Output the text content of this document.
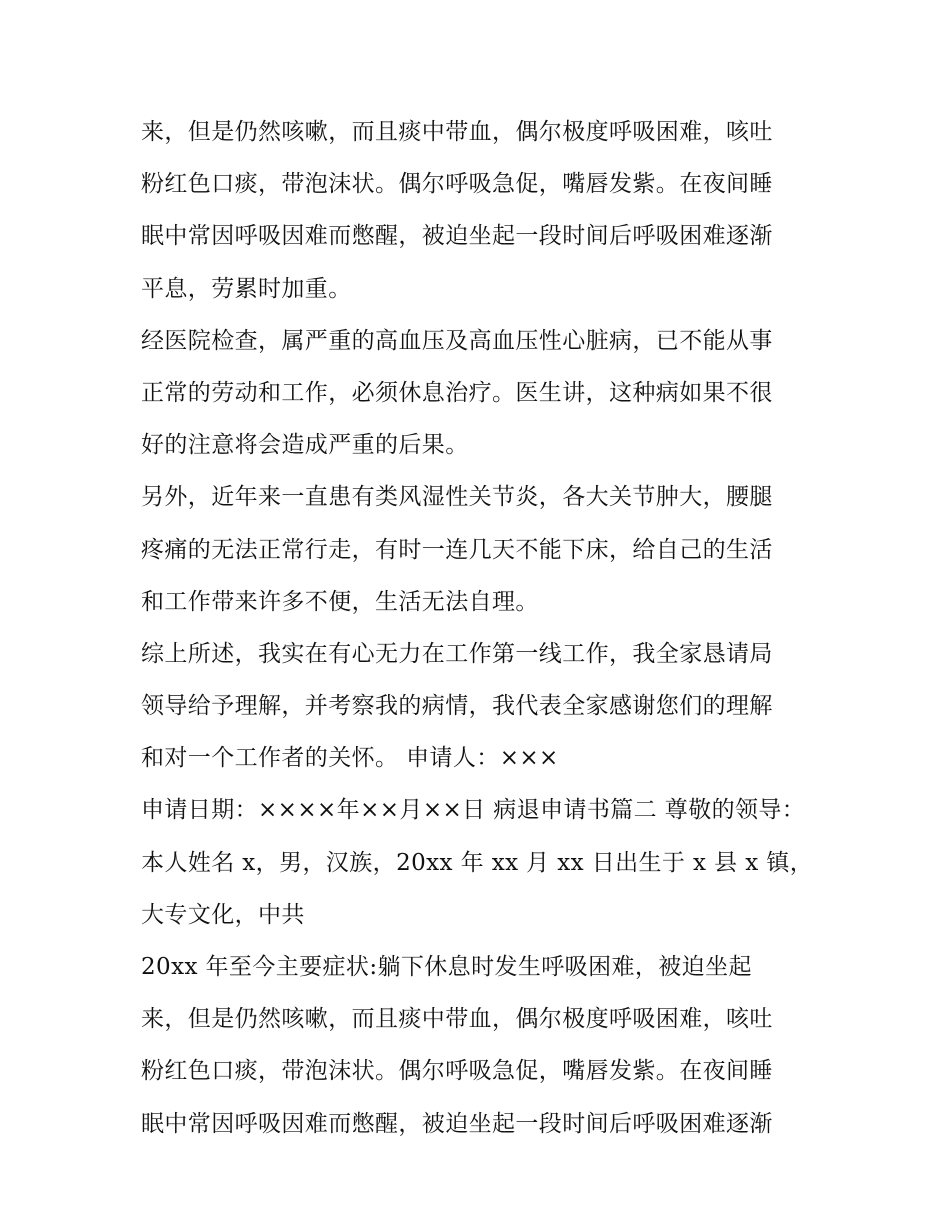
来，但是仍然咳嗽，而且痰中带血，偶尔极度呼吸困难，咳吐
粉红色口痰，带泡沫状。偶尔呼吸急促，嘴唇发紫。在夜间睡
眠中常因呼吸因难而憋醒，被迫坐起一段时间后呼吸困难逐渐
平息，劳累时加重。
经医院检查，属严重的高血压及高血压性心脏病，已不能从事
正常的劳动和工作，必须休息治疗。医生讲，这种病如果不很
好的注意将会造成严重的后果。
另外，近年来一直患有类风湿性关节炎，各大关节肿大，腰腿
疼痛的无法正常行走，有时一连几天不能下床，给自己的生活
和工作带来许多不便，生活无法自理。
综上所述，我实在有心无力在工作第一线工作，我全家恳请局
领导给予理解，并考察我的病情，我代表全家感谢您们的理解
和对一个工作者的关怀。 申请人：×××
申请日期：××××年××月××日 病退申请书篇二 尊敬的领导：
本人姓名 x，男，汉族，20xx 年 xx 月 xx 日出生于 x 县 x 镇，
大专文化，中共
20xx 年至今主要症状:躺下休息时发生呼吸困难，被迫坐起
来，但是仍然咳嗽，而且痰中带血，偶尔极度呼吸困难，咳吐
粉红色口痰，带泡沫状。偶尔呼吸急促，嘴唇发紫。在夜间睡
眠中常因呼吸因难而憋醒，被迫坐起一段时间后呼吸困难逐渐
